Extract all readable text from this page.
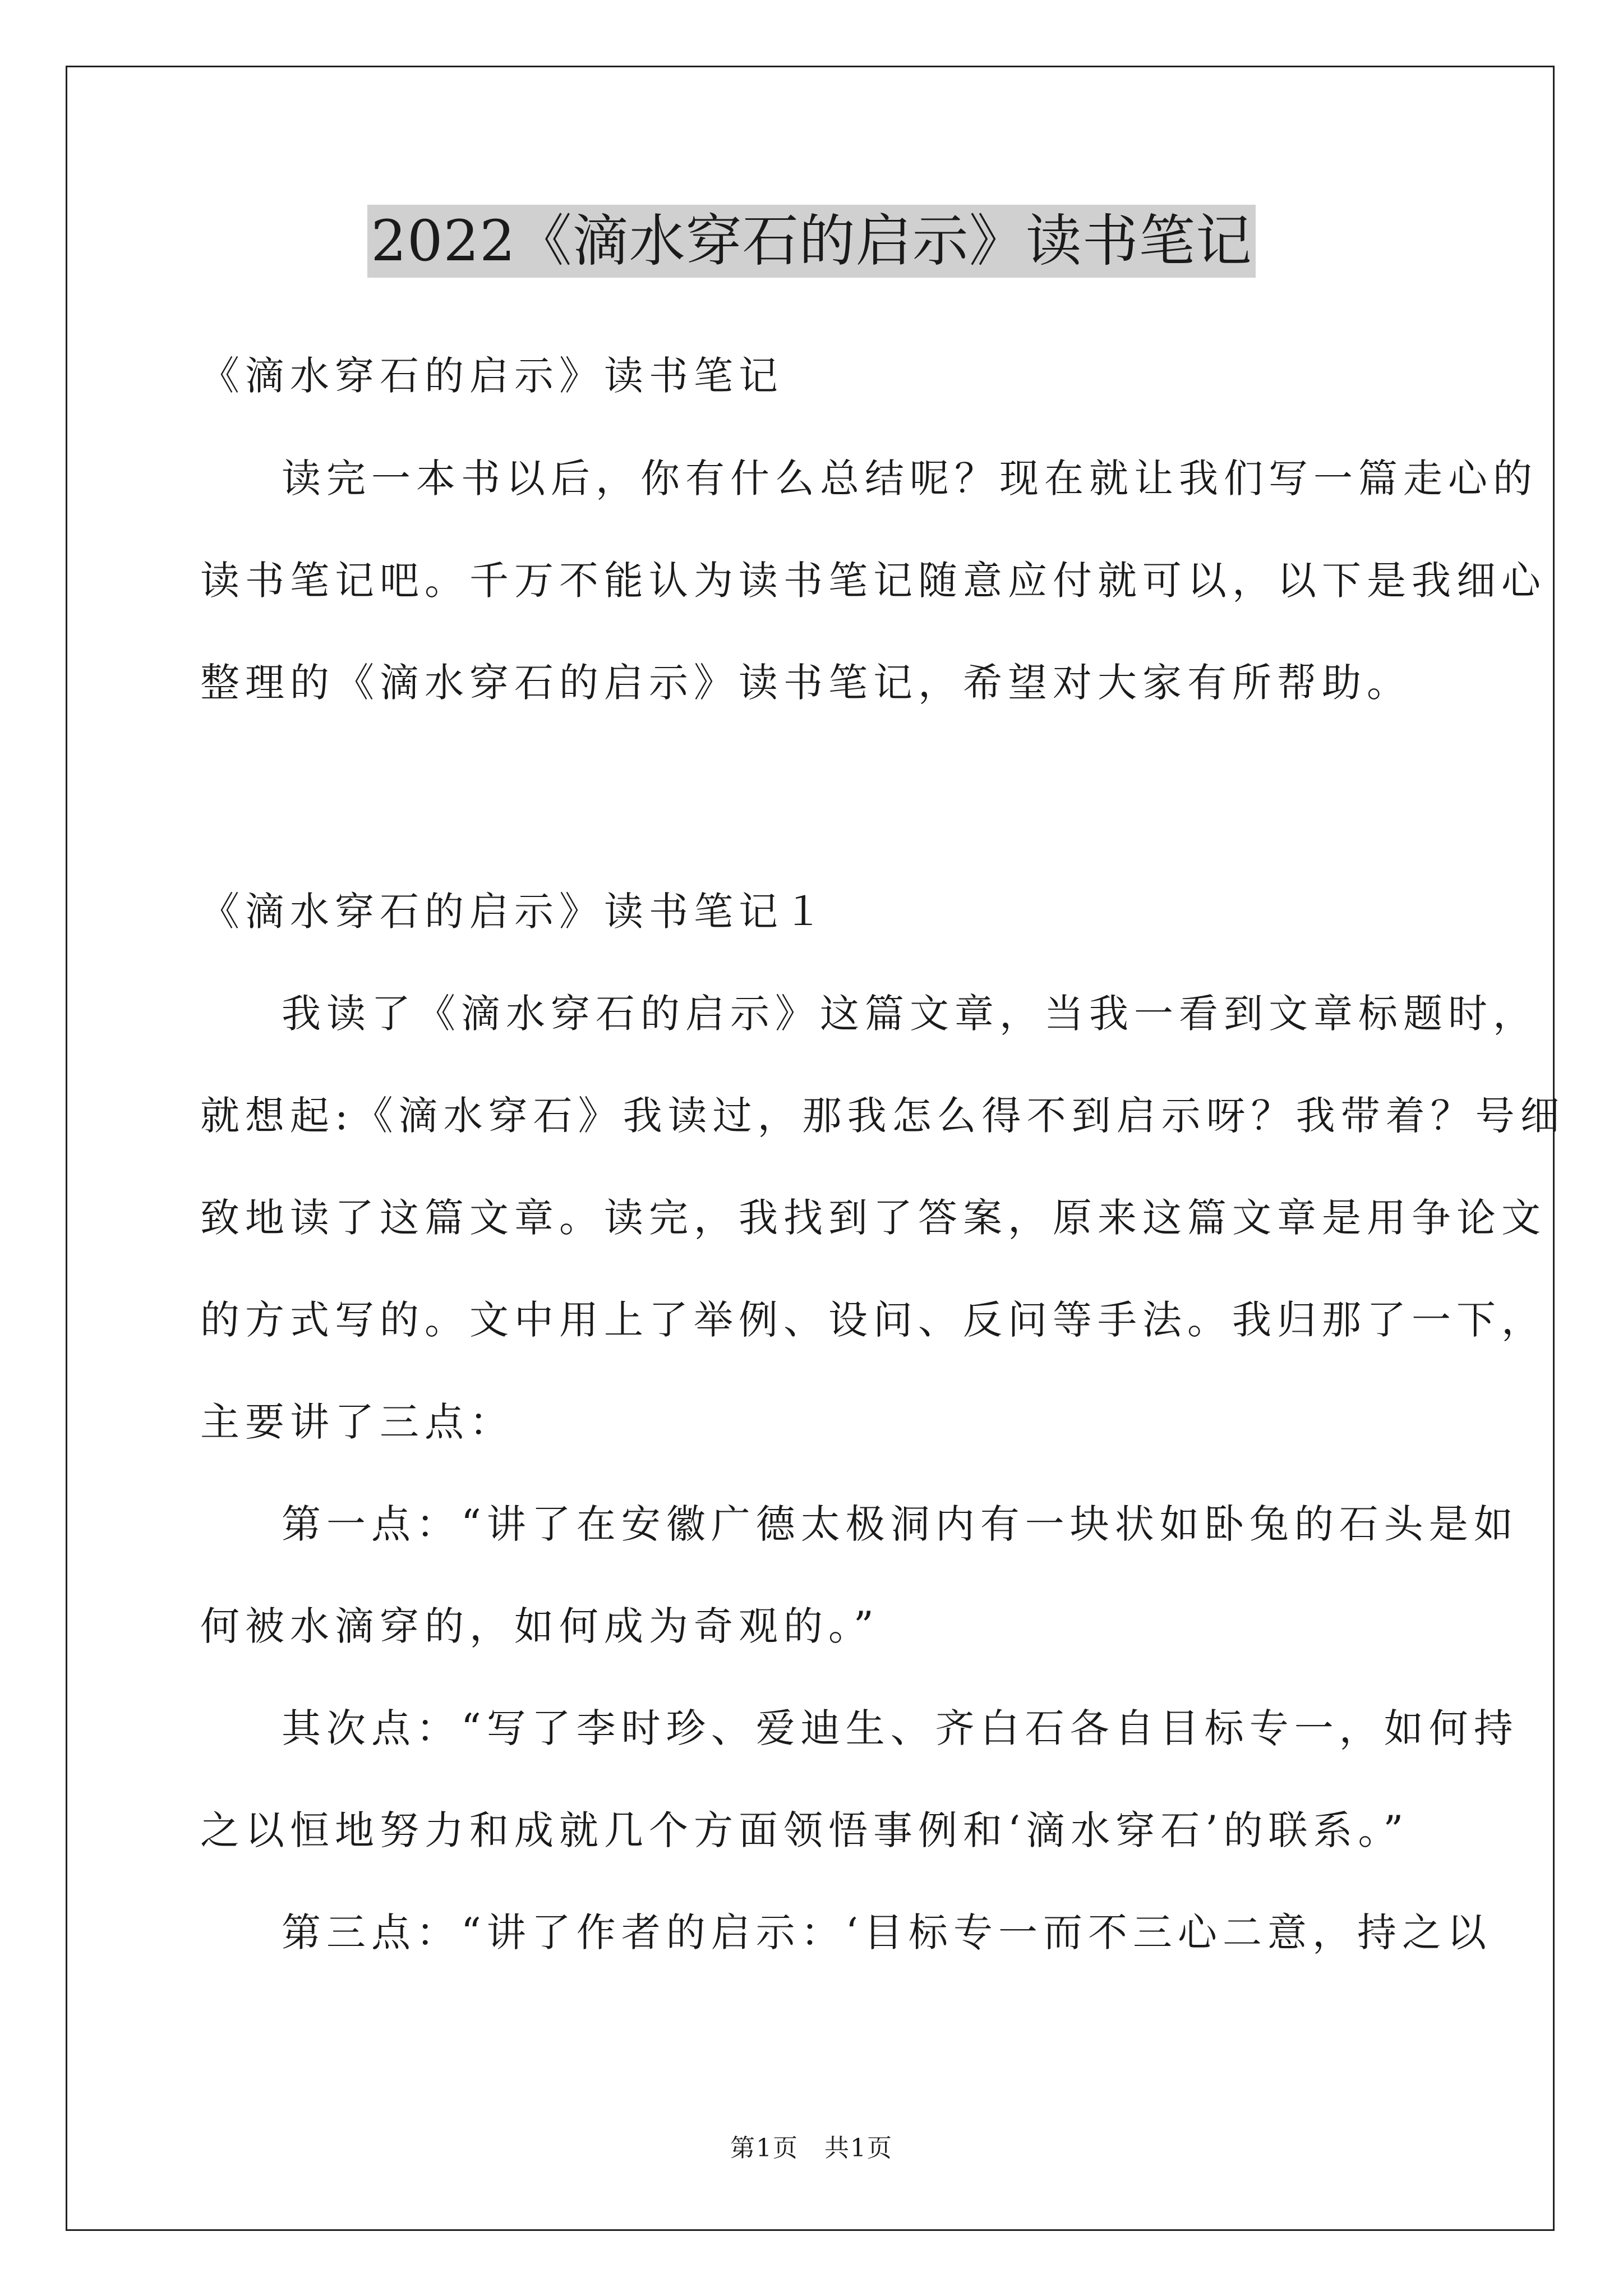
2022《滴水穿石的启示》读书笔记
《滴水穿石的启示》读书笔记
读完一本书以后，你有什么总结呢？现在就让我们写一篇走心的
读书笔记吧。千万不能认为读书笔记随意应付就可以，以下是我细心
整理的《滴水穿石的启示》读书笔记，希望对大家有所帮助。
《滴水穿石的启示》读书笔记１
我读了《滴水穿石的启示》这篇文章，当我一看到文章标题时，
就想起:《滴水穿石》我读过，那我怎么得不到启示呀？我带着？号细
致地读了这篇文章。读完，我找到了答案，原来这篇文章是用争论文
的方式写的。文中用上了举例、设问、反问等手法。我归那了一下，
主要讲了三点：
第一点：“讲了在安徽广德太极洞内有一块状如卧兔的石头是如
何被水滴穿的，如何成为奇观的。”
其次点：“写了李时珍、爱迪生、齐白石各自目标专一，如何持
之以恒地努力和成就几个方面领悟事例和‘滴水穿石’的联系。”
第三点：“讲了作者的启示：‘目标专一而不三心二意，持之以
第1页　共1页
